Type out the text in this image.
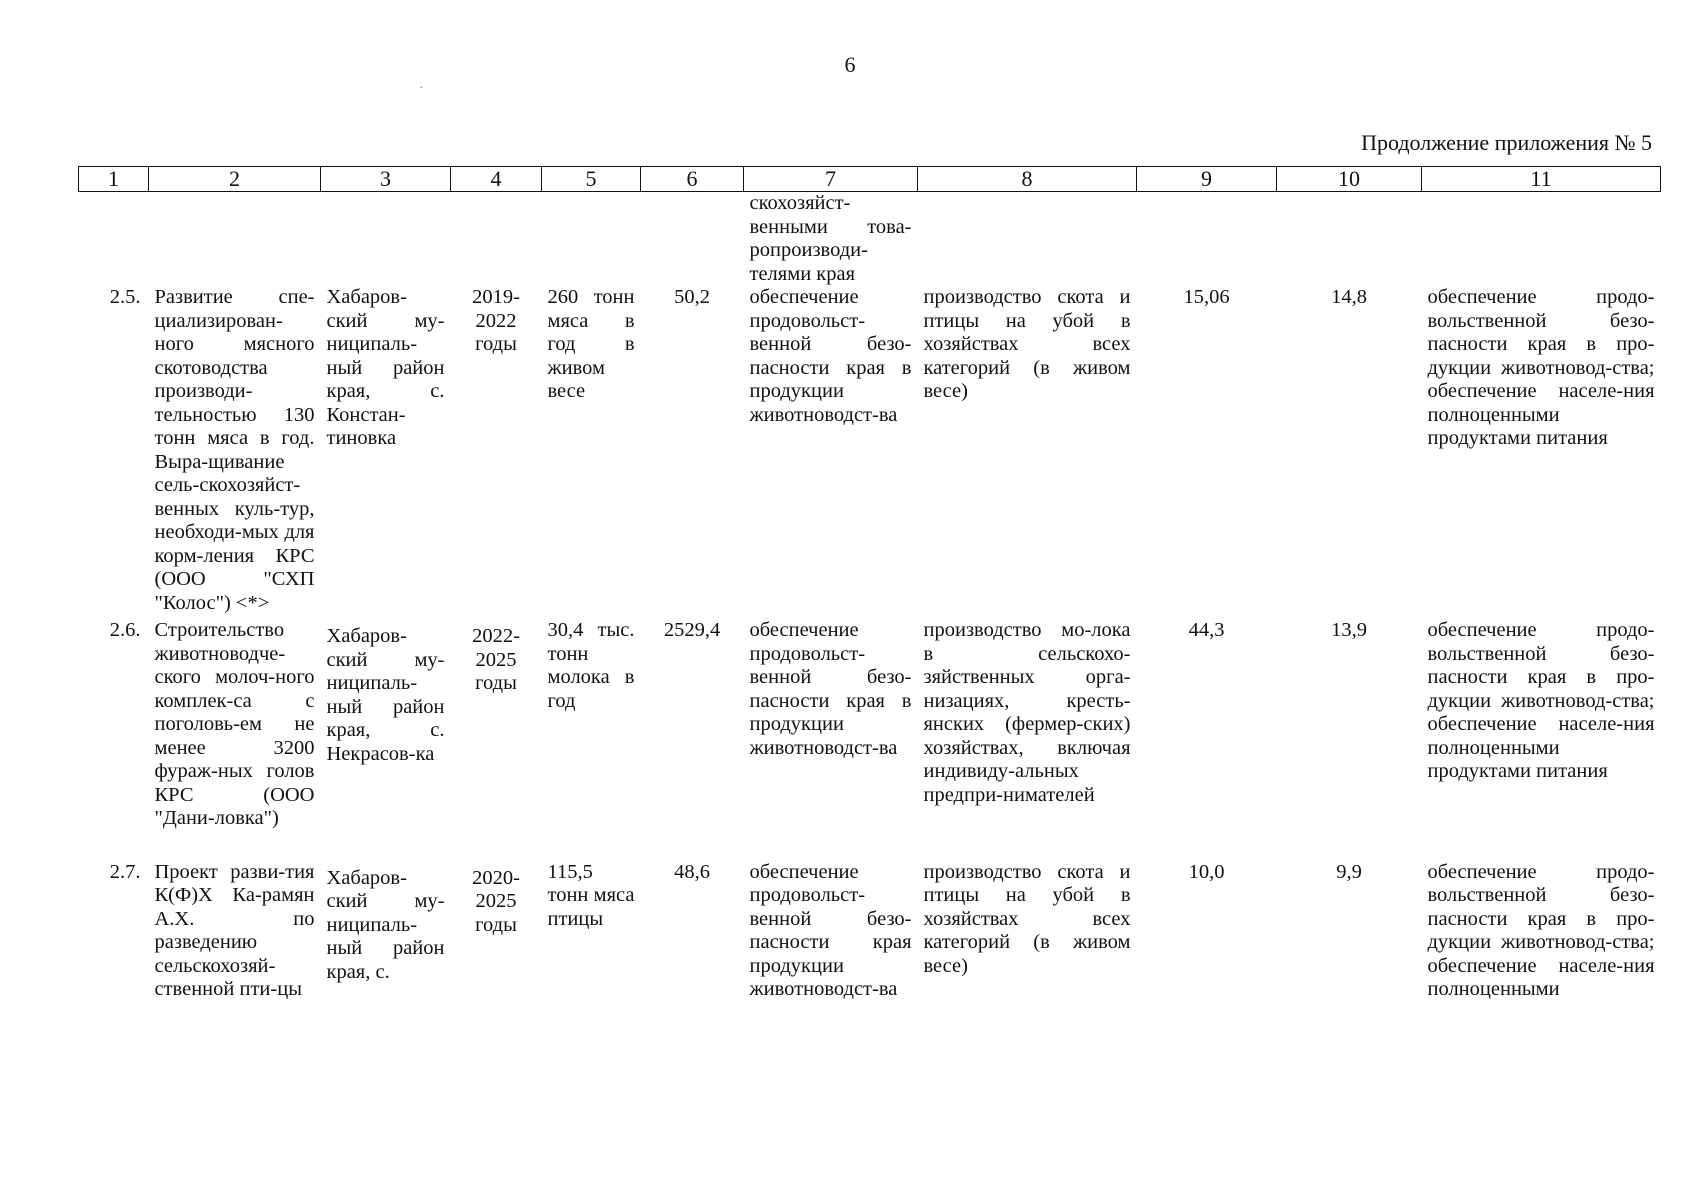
6
.
Продолжение приложения № 5
1	2	3	4	5	6	7	8	9	10	11
						скохозяйст-венными това-ропроизводи-телями края				
2.5.	Развитие спе-циализирован-ного мясного скотоводства производи-тельностью 130 тонн мяса в год. Выра-щивание сель-скохозяйст-венных куль-тур, необходи-мых для корм-ления КРС (ООО "СХП "Колос") <*>	Хабаров-ский му-ниципаль-ный район края, с. Констан-тиновка	2019-2022 годы	260 тонн мяса в год в живом весе	50,2	обеспечение продовольст-венной безо-пасности края в продукции животноводст-ва	производство скота и птицы на убой в хозяйствах всех категорий (в живом весе)	15,06	14,8	обеспечение продо-вольственной безо-пасности края в про-дукции животновод-ства; обеспечение населе-ния полноценными продуктами питания
2.6.	Строительство животноводче-ского молоч-ного комплек-са с поголовь-ем не менее 3200 фураж-ных голов КРС (ООО "Дани-ловка")	Хабаров-ский му-ниципаль-ный район края, с. Некрасов-ка	2022-2025 годы	30,4 тыс. тонн молока в год	2529,4	обеспечение продовольст-венной безо-пасности края в продукции животноводст-ва	производство мо-лока в сельскохо-зяйственных орга-низациях, кресть-янских (фермер-ских) хозяйствах, включая индивиду-альных предпри-нимателей	44,3	13,9	обеспечение продо-вольственной безо-пасности края в про-дукции животновод-ства; обеспечение населе-ния полноценными продуктами питания
2.7.	Проект разви-тия К(Ф)Х Ка-рамян А.Х. по разведению сельскохозяй-ственной пти-цы	Хабаров-ский му-ниципаль-ный район края, с.	2020-2025 годы	115,5 тонн мяса птицы	48,6	обеспечение продовольст-венной безо-пасности края продукции животноводст-ва	производство скота и птицы на убой в хозяйствах всех категорий (в живом весе)	10,0	9,9	обеспечение продо-вольственной безо-пасности края в про-дукции животновод-ства; обеспечение населе-ния полноценными
